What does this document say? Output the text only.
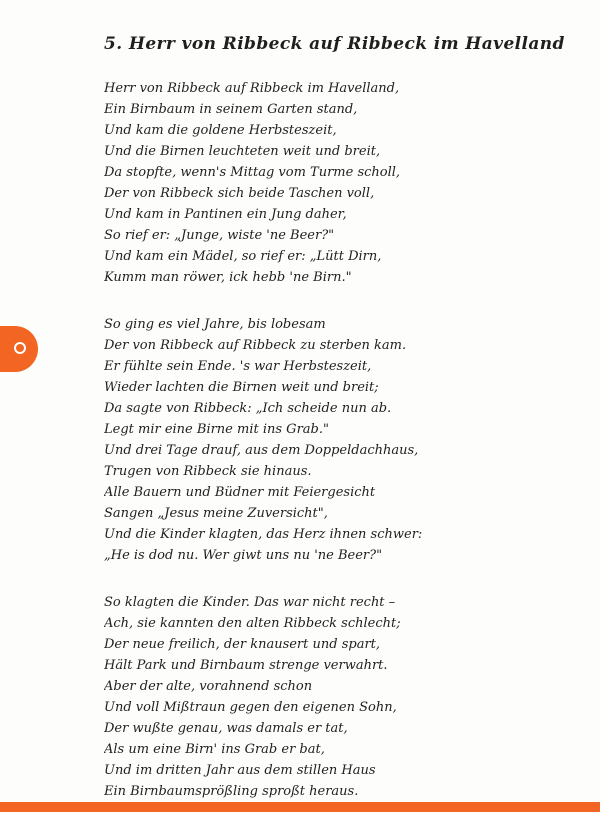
5. Herr von Ribbeck auf Ribbeck im Havelland
Herr von Ribbeck auf Ribbeck im Havelland,
Ein Birnbaum in seinem Garten stand,
Und kam die goldene Herbsteszeit,
Und die Birnen leuchteten weit und breit,
Da stopfte, wenn's Mittag vom Turme scholl,
Der von Ribbeck sich beide Taschen voll,
Und kam in Pantinen ein Jung daher,
So rief er: „Junge, wiste 'ne Beer?"
Und kam ein Mädel, so rief er: „Lütt Dirn,
Kumm man röwer, ick hebb 'ne Birn."
So ging es viel Jahre, bis lobesam
Der von Ribbeck auf Ribbeck zu sterben kam.
Er fühlte sein Ende. 's war Herbsteszeit,
Wieder lachten die Birnen weit und breit;
Da sagte von Ribbeck: „Ich scheide nun ab.
Legt mir eine Birne mit ins Grab."
Und drei Tage drauf, aus dem Doppeldachhaus,
Trugen von Ribbeck sie hinaus.
Alle Bauern und Büdner mit Feiergesicht
Sangen „Jesus meine Zuversicht",
Und die Kinder klagten, das Herz ihnen schwer:
„He is dod nu. Wer giwt uns nu 'ne Beer?"
So klagten die Kinder. Das war nicht recht –
Ach, sie kannten den alten Ribbeck schlecht;
Der neue freilich, der knausert und spart,
Hält Park und Birnbaum strenge verwahrt.
Aber der alte, vorahnend schon
Und voll Mißtraun gegen den eigenen Sohn,
Der wußte genau, was damals er tat,
Als um eine Birn' ins Grab er bat,
Und im dritten Jahr aus dem stillen Haus
Ein Birnbaumsprößling sproßt heraus.
